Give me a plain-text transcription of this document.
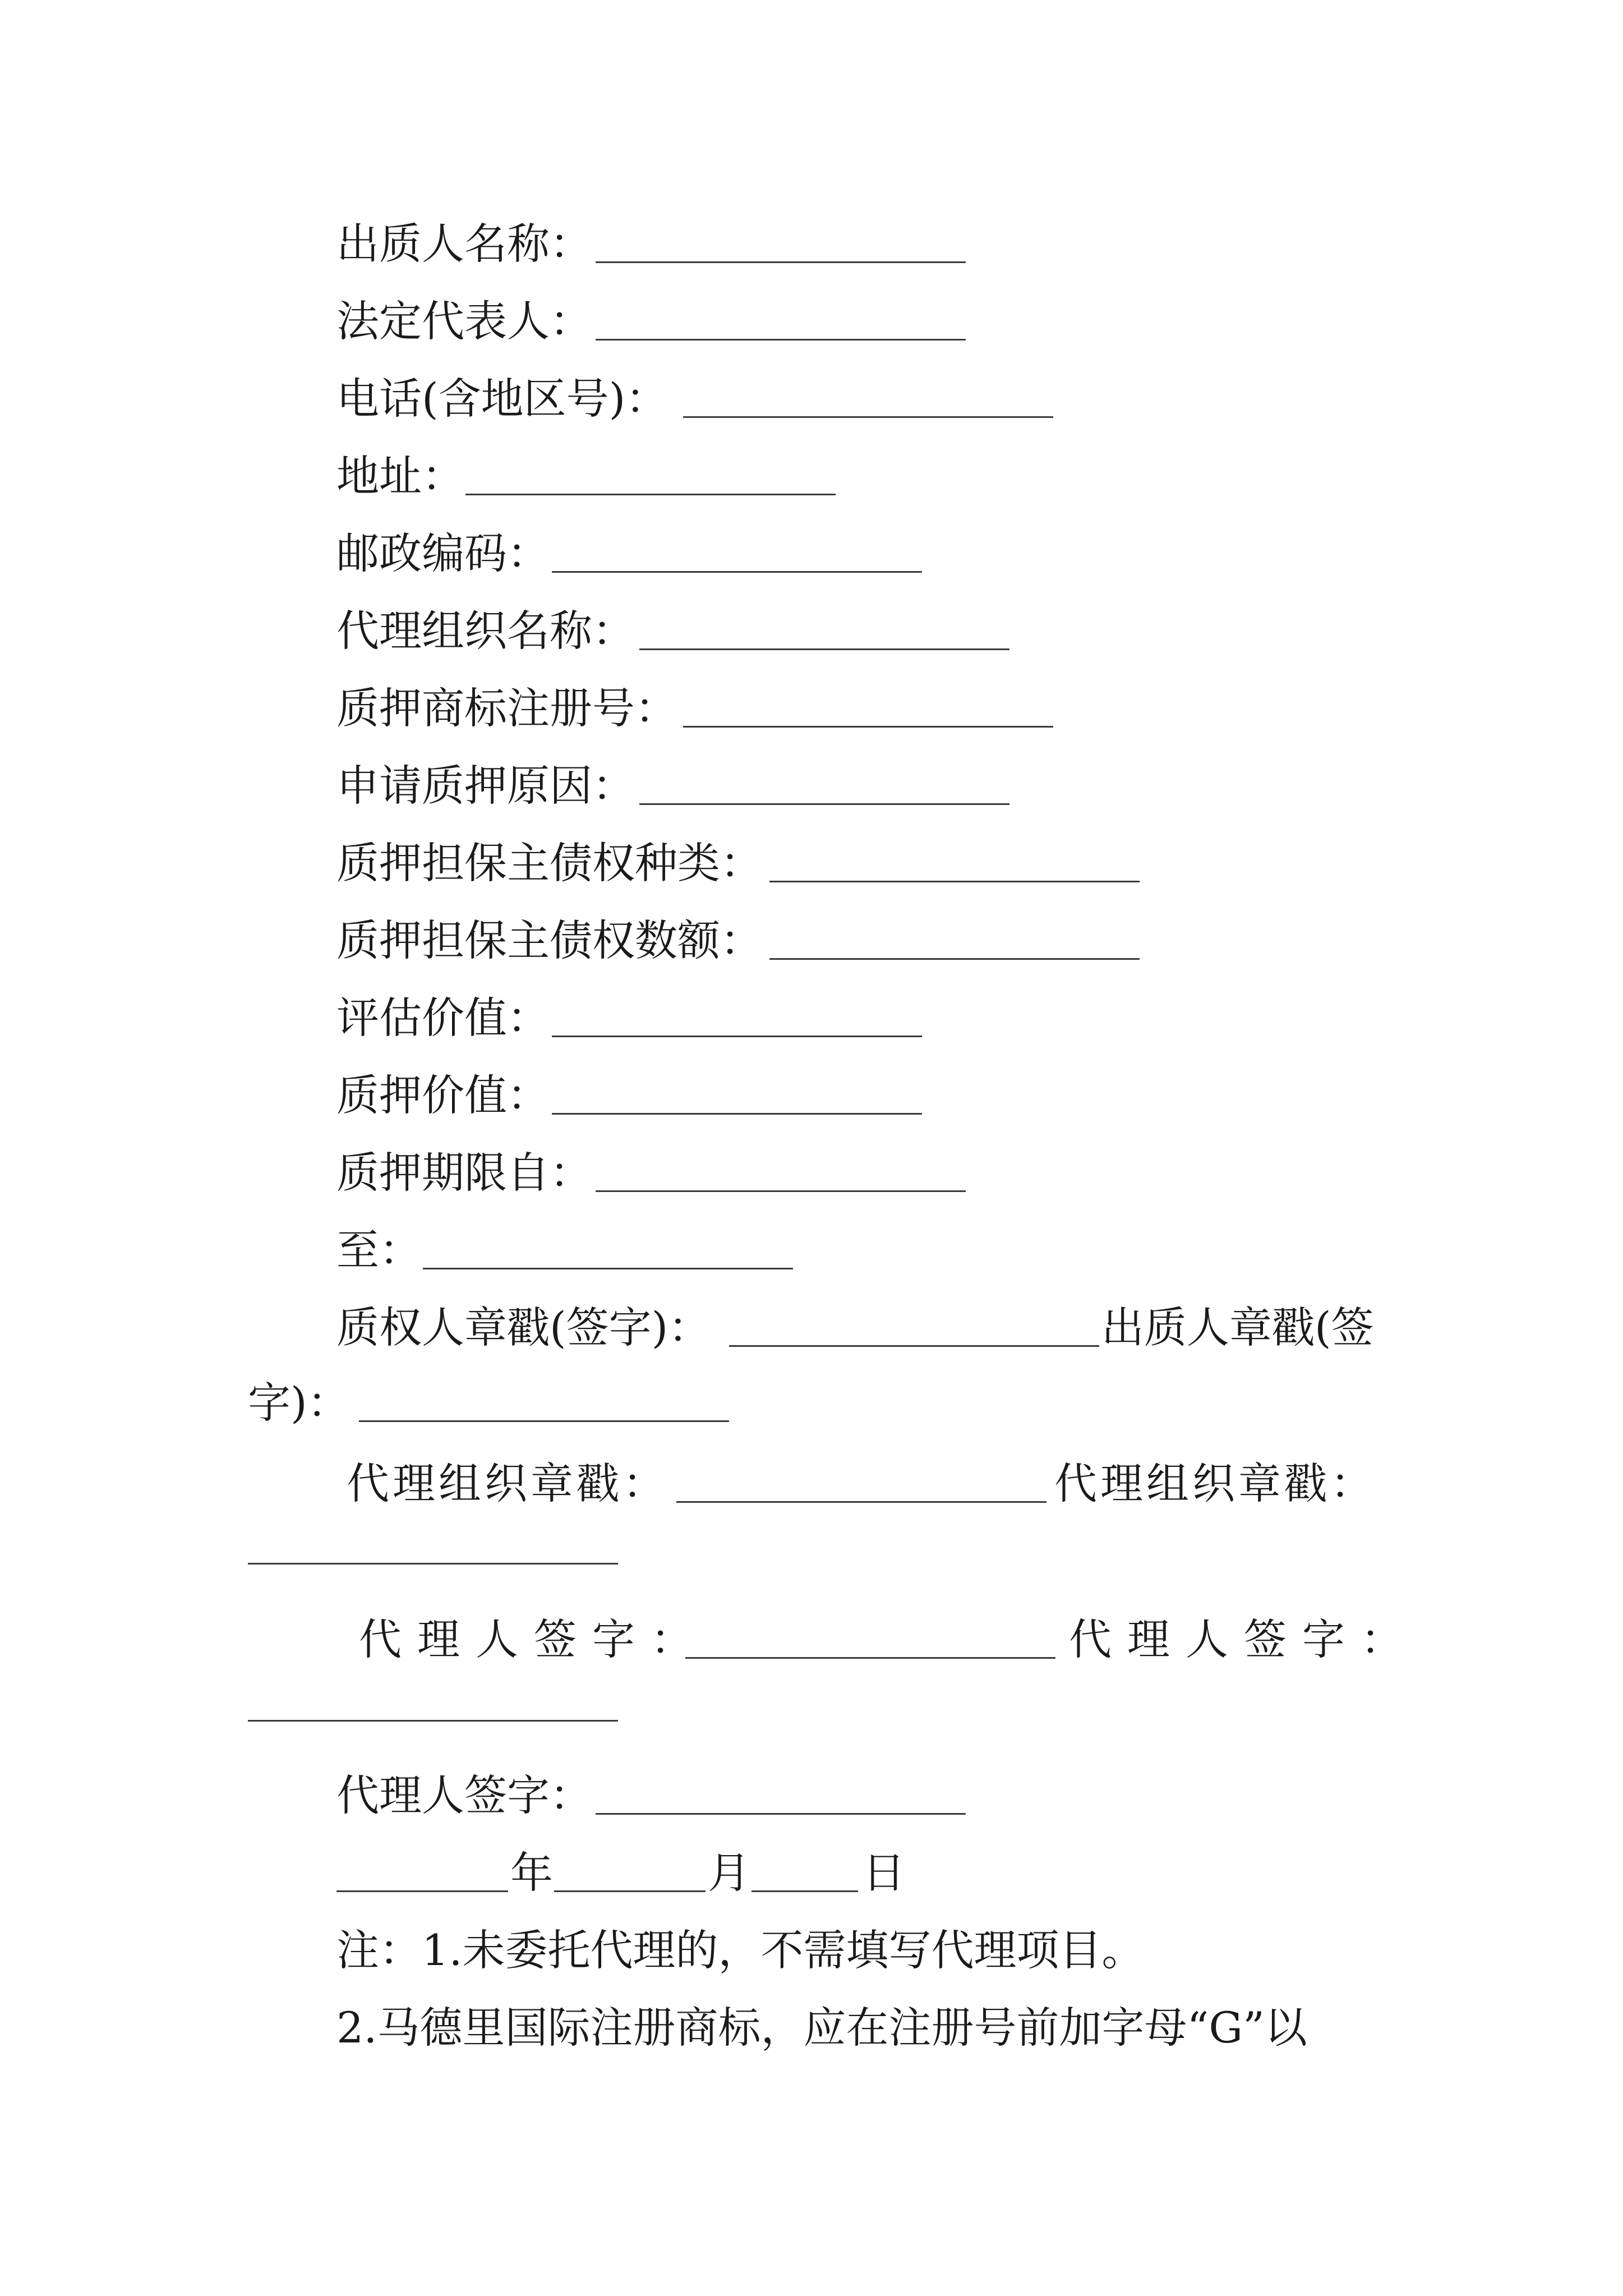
出质人名称：
法定代表人：
电话(含地区号)：
地址：
邮政编码：
代理组织名称：
质押商标注册号：
申请质押原因：
质押担保主债权种类：
质押担保主债权数额：
评估价值：
质押价值：
质押期限自：
至：
质权人章戳(签字)：	出质人章戳(签
字)：
代理组织章戳：	代理组织章戳：
代理人签字：	代理人签字：
代理人签字：
年	月	日
注：1.未委托代理的，不需填写代理项目。
2.马德里国际注册商标，应在注册号前加字母“G”以
